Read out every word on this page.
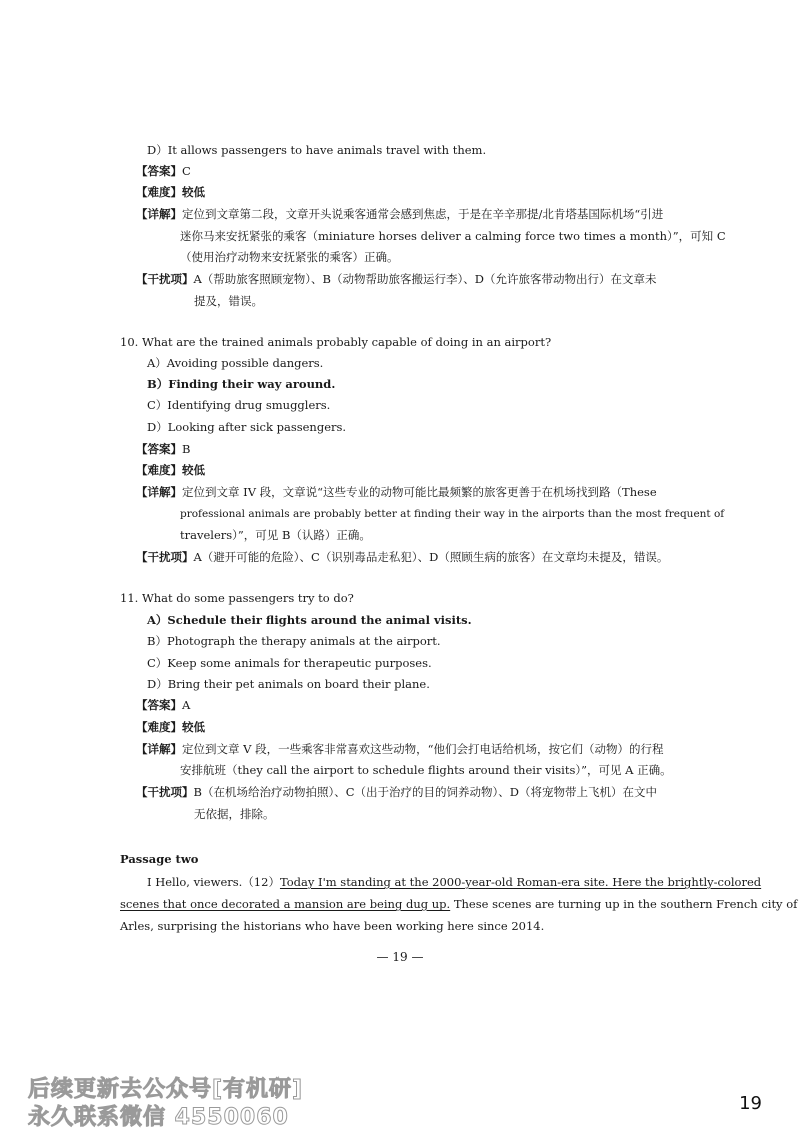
D）It allows passengers to have animals travel with them.
【答案】C
【难度】较低
【详解】定位到文章第二段，文章开头说乘客通常会感到焦虑，于是在辛辛那提/北肯塔基国际机场“引进
迷你马来安抚紧张的乘客（miniature horses deliver a calming force two times a month）”，可知 C
（使用治疗动物来安抚紧张的乘客）正确。
【干扰项】A（帮助旅客照顾宠物）、B（动物帮助旅客搬运行李）、D（允许旅客带动物出行）在文章未
提及，错误。
10. What are the trained animals probably capable of doing in an airport?
A）Avoiding possible dangers.
B）Finding their way around.
C）Identifying drug smugglers.
D）Looking after sick passengers.
【答案】B
【难度】较低
【详解】定位到文章 IV 段，文章说“这些专业的动物可能比最频繁的旅客更善于在机场找到路（These
professional animals are probably better at finding their way in the airports than the most frequent of
travelers）”，可见 B（认路）正确。
【干扰项】A（避开可能的危险）、C（识别毒品走私犯）、D（照顾生病的旅客）在文章均未提及，错误。
11. What do some passengers try to do?
A）Schedule their flights around the animal visits.
B）Photograph the therapy animals at the airport.
C）Keep some animals for therapeutic purposes.
D）Bring their pet animals on board their plane.
【答案】A
【难度】较低
【详解】定位到文章 V 段，一些乘客非常喜欢这些动物，“他们会打电话给机场，按它们（动物）的行程
安排航班（they call the airport to schedule flights around their visits）”，可见 A 正确。
【干扰项】B（在机场给治疗动物拍照）、C（出于治疗的目的饲养动物）、D（将宠物带上飞机）在文中
无依据，排除。
Passage two
I Hello, viewers.（12）Today I'm standing at the 2000-year-old Roman-era site. Here the brightly-colored
scenes that once decorated a mansion are being dug up. These scenes are turning up in the southern French city of
Arles, surprising the historians who have been working here since 2014.
— 19 —
后续更新去公众号[有机研]
永久联系微信 4550060
19
